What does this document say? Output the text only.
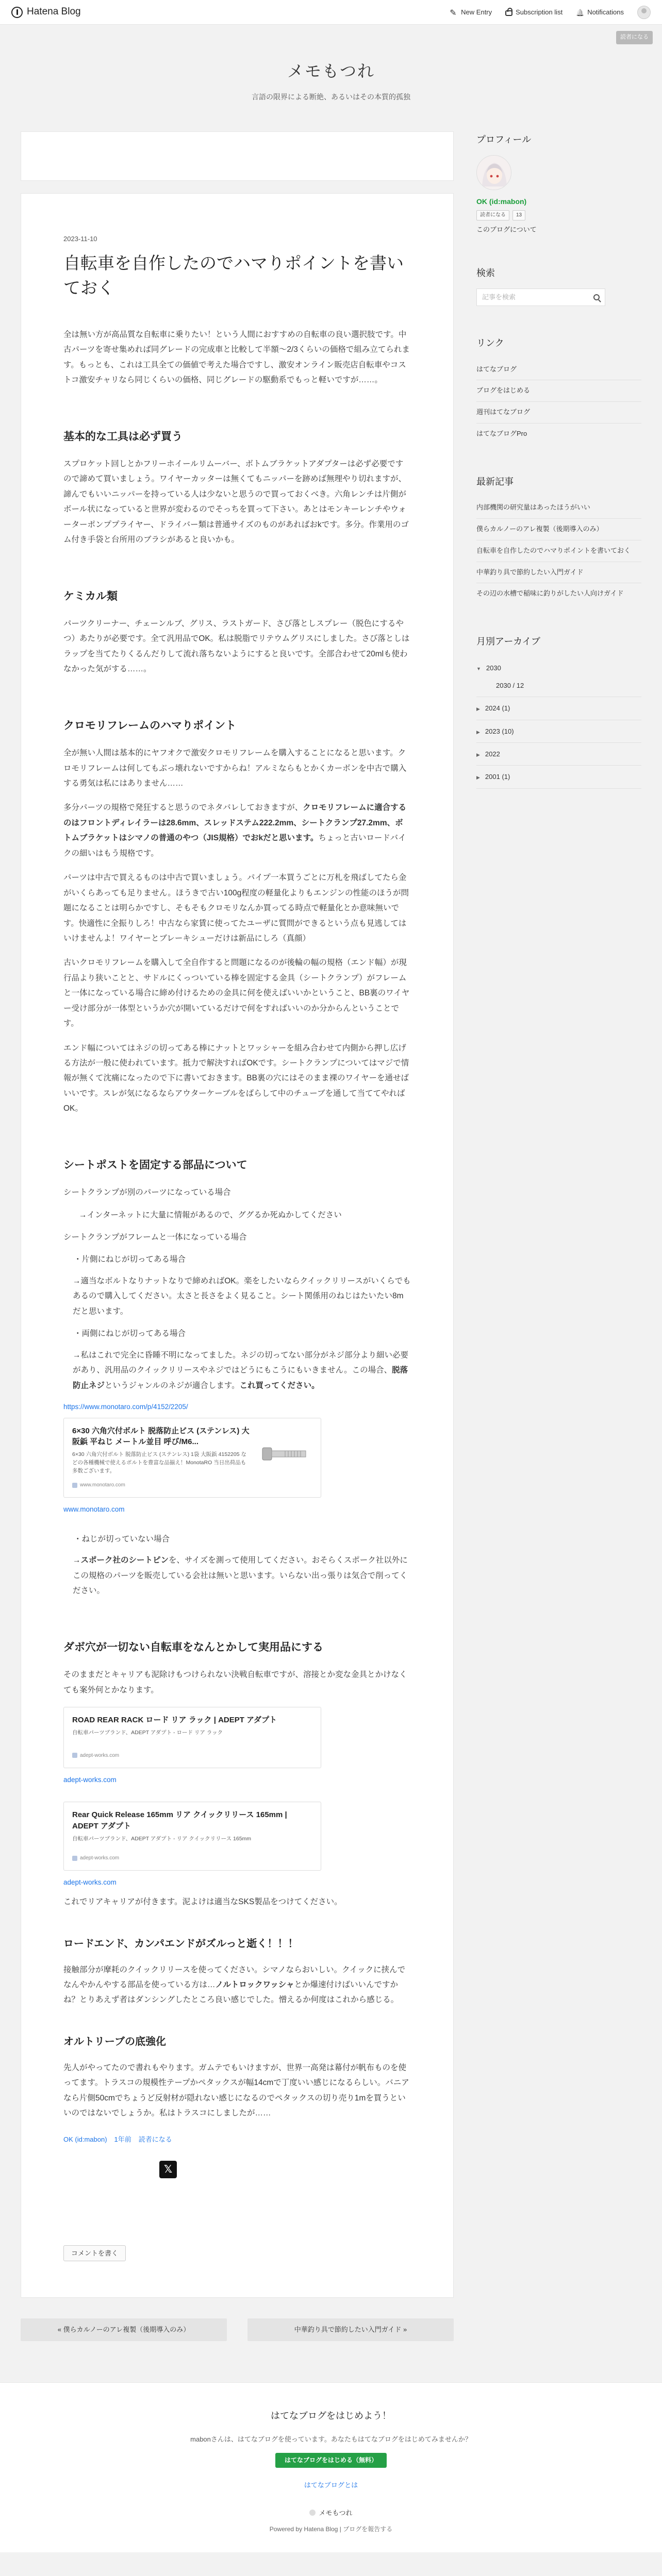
Hatena Blog ✎	New Entry	Subscription list 🔔	Notifications
読者になる
メモもつれ
言語の限界による断絶、あるいはその本質的孤独
2023-11-10
自転車を自作したのでハマりポイントを書いておく

全は無い方が高品質な自転車に乗りたい！という人間におすすめの自転車の良い選択肢です。中古パーツを寄せ集めれば同グレードの完成車と比較して半額〜2/3くらいの価格で組み立てられます。もっとも、これは工具全ての価値で考えた場合ですし、激安オンライン販売店自転車やコストコ激安チャリなら同じくらいの価格、同じグレードの駆動系でもっと軽いですが……。

基本的な工具は必ず買う

スプロケット回しとかフリーホイールリムーバー、ボトムブラケットアダプターは必ず必要ですので諦めて買いましょう。ワイヤーカッターは無くてもニッパーを跡めば無理やり切れますが、諦んでもいいニッパーを持っている人は少ないと思うので買っておくべき。六角レンチは片側がボール状になっていると世界が変わるのでそっちを買って下さい。あとはモンキーレンチやウォーターポンププライヤー、ドライバー類は普通サイズのものがあればおkです。多分。作業用のゴム付き手袋と台所用のブラシがあると良いかも。

ケミカル類

パーツクリーナー、チェーンルブ、グリス、ラストガード、さび落としスプレー（脱色にするやつ）あたりが必要です。全て汎用品でOK。私は脱脂でリテウムグリスにしました。さび落としはラップを当てたりくるんだりして流れ落ちないようにすると良いです。全部合わせて20mlも使わなかった気がする……。

クロモリフレームのハマりポイント

全が無い人間は基本的にヤフオクで激安クロモリフレームを購入することになると思います。クロモリフレームは何してもぶっ壊れないですからね！アルミならもとかくカーボンを中古で購入する勇気は私にはありません……

多分パーツの規格で発狂すると思うのでネタバレしておきますが、クロモリフレームに適合するのはフロントディレイラーは28.6mm、スレッドステム222.2mm、シートクランプ27.2mm、ボトムブラケットはシマノの普通のやつ（JIS規格）でおkだと思います。ちょっと古いロードバイクの細いはもう規格です。

パーツは中古で買えるものは中古で買いましょう。パイプ一本買うごとに万札を飛ばしてたら金がいくらあっても足りません。ほうきで古い100g程度の軽量化よりもエンジンの性能のほうが問題になることは明らかですし、そもそもクロモリなんか買ってる時点で軽量化とか意味無いです。快適性に全振りしろ！中古なら家賃に使ってたユーザに質問ができるという点も見逃してはいけませんよ！ワイヤーとブレーキシューだけは新品にしろ（真顔）

古いクロモリフレームを購入して全自作すると問題になるのが後輪の幅の規格（エンド幅）が現行品より狭いことと、サドルにくっついている棒を固定する金具（シートクランプ）がフレームと一体になっている場合に締め付けるための金具に何を使えばいいかということ、BB裏のワイヤー受け部分が一体型というか穴が開いているだけで何をすればいいのか分からんということです。

エンド幅についてはネジの切ってある棒にナットとワッシャーを組み合わせて内側から押し広げる方法が一般に使われています。抵力で解決すればOKです。シートクランプについてはマジで情報が無くて沈痛になったので下に書いておきます。BB裏の穴にはそのまま裸のワイヤーを通せばいいです。スレが気になるならアウターケーブルをばらして中のチューブを通して当ててやればOK。

シートポストを固定する部品について
シートクランプが別のパーツになっている場合
→インターネットに大量に情報があるので、ググるか死ぬかしてください
シートクランプがフレームと一体になっている場合
・片側にねじが切ってある場合
→適当なボルトなりナットなりで締めればOK。楽をしたいならクイックリリースがいくらでもあるので購入してください。太さと長さをよく見ること。シート関係用のねじはたいたい8mだと思います。
・両側にねじが切ってある場合
→私はこれで完全に昏睡不明になってました。ネジの切ってない部分がネジ部分より細い必要があり、汎用品のクイックリリースやネジではどうにもこうにもいきません。この場合、脱落防止ネジというジャンルのネジが適合します。これ買ってください。
https://www.monotaro.com/p/4152/2205/
6×30 六角穴付ボルト 脱落防止ビス (ステンレス) 大阪鋲 平ねじ メートル並目 呼び/M6...
6×30 六角穴付ボルト 脱落防止ビス (ステンレス) 1袋 大阪鋲 4152205 などの各種機械で使えるボルトを豊富な品揃え！MonotaRO 当日出荷品も多数ございます。
www.monotaro.com
www.monotaro.com
・ねじが切っていない場合
→スポーク社のシートピンを、サイズを測って使用してください。おそらくスポーク社以外にこの規格のパーツを販売している会社は無いと思います。いらない出っ張りは気合で削ってください。
ダボ穴が一切ない自転車をなんとかして実用品にする

そのままだとキャリアも泥除けもつけられない決戦自転車ですが、溶接とか変な金具とかけなくても案外何とかなります。

ROAD REAR RACK ロード リア ラック | ADEPT アダプト
自転車パーツブランド、ADEPT アダプト - ロード リア ラック
adept-works.com
adept-works.com
Rear Quick Release 165mm リア クイックリリース 165mm | ADEPT アダプト
自転車パーツブランド、ADEPT アダプト - リア クイックリリース 165mm
adept-works.com
adept-works.com

これでリアキャリアが付きます。泥よけは適当なSKS製品をつけてください。

ロードエンド、カンパエンドがズルっと逝く！！！

接触部分が摩耗のクイックリリースを使ってください。シマノならおいしい。クイックに挟んでなんやかんやする部品を使っている方は…ノルトロックワッシャとか爆速付けばいいんですかね？とりあえず者はダンシングしたところ良い感じでした。憎えるか何度はこれから感じる。

オルトリーブの底強化

先人がやってたので書れもやります。ガムテでもいけますが、世界一高発は幕付が帆布ものを使ってます。トラスコの規模性テープかペタックスが幅14cmで丁度いい感じになるらしい。バニアなら片側50cmでちょうど反射材が隠れない感じになるのでペタックスの切り売り1mを買うといいのではないでしょうか。私はトラスコにしましたが……

OK (id:mabon) 1年前 読者になる
𝕏
コメントを書く
« 僕らカルノーのアレ複製（後期導入のみ）	中華釣り具で節約したい入門ガイド »
プロフィール
OK (id:mabon)
読者になる	13
このブログについて
検索
記事を検索
リンク
はてなブログ
ブログをはじめる
週刊はてなブログ
はてなブログPro
最新記事
内部機関の研究量はあったほうがいい
僕らカルノーのアレ複製（後期導入のみ）
自転車を自作したのでハマりポイントを書いておく
中華釣り具で節約したい入門ガイド
その辺の水槽で稲味に釣りがしたい人向けガイド
月別アーカイブ
▼ 2030
2030 / 12
▶ 2024 (1)
▶ 2023 (10)
▶ 2022
▶ 2001 (1)
はてなブログをはじめよう！
mabonさんは、はてなブログを使っています。あなたもはてなブログをはじめてみませんか？
はてなブログをはじめる（無料）
はてなブログとは
メモもつれ
Powered by Hatena Blog | ブログを報告する
